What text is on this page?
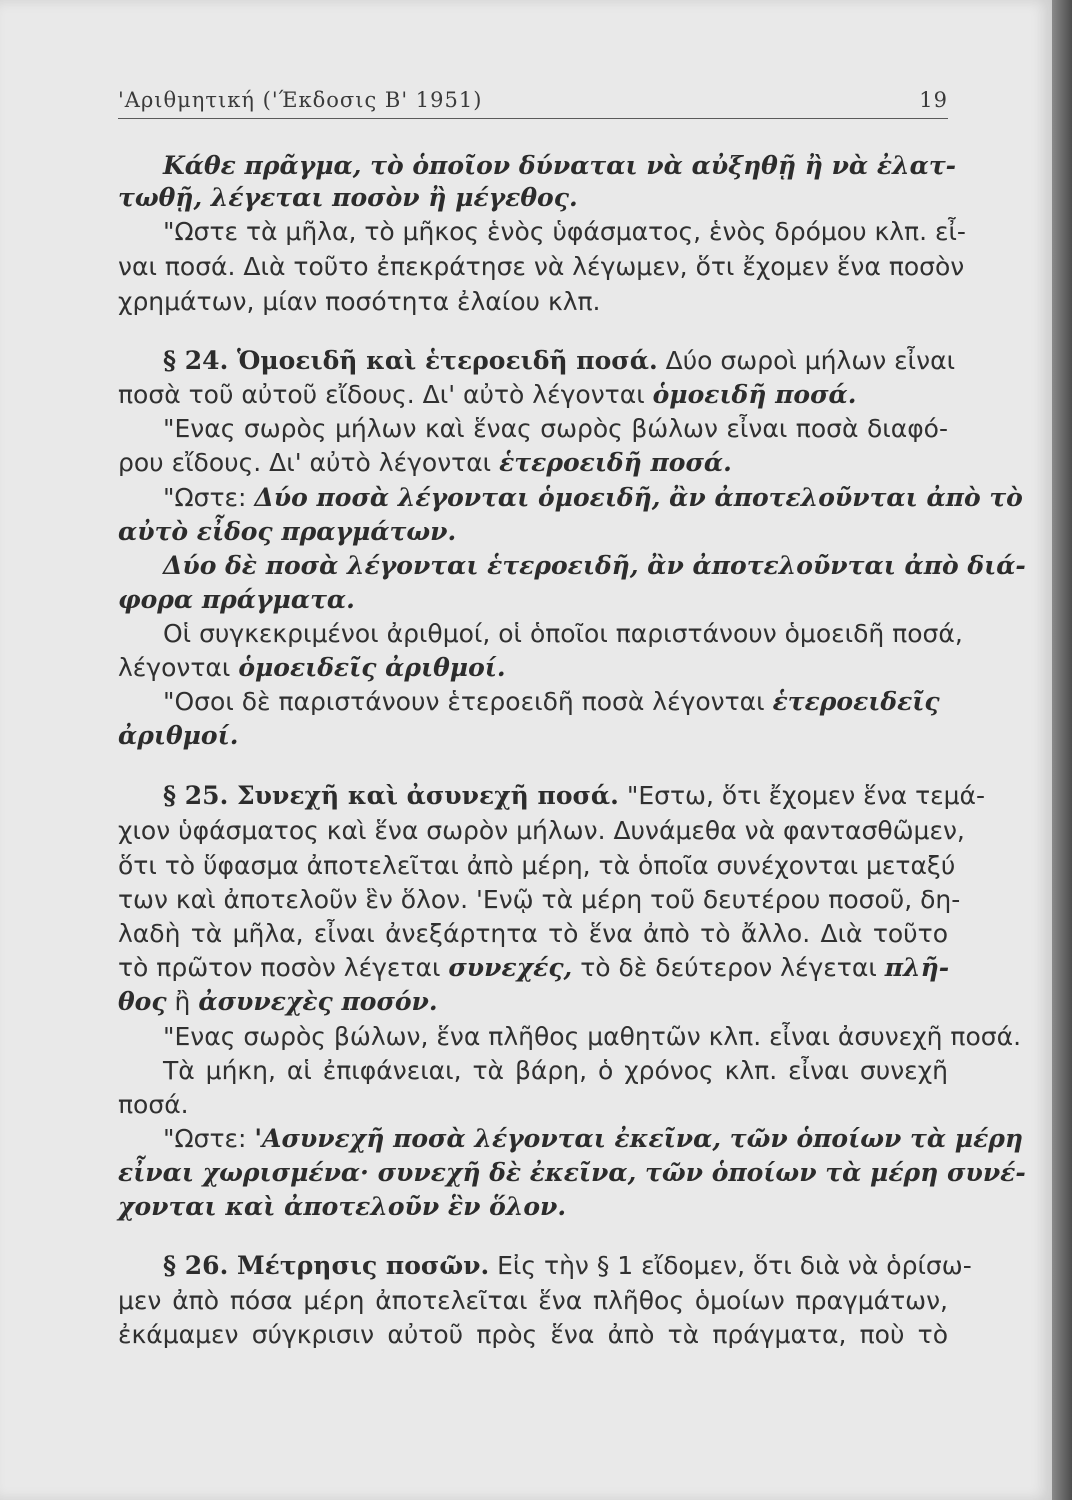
'Αριθμητική ('Έκδοσις Β' 1951)	19
Κάθε πρᾶγμα, τὸ ὁποῖον δύναται νὰ αὐξηθῇ ἢ νὰ ἐλατ-
τωθῇ, λέγεται ποσὸν ἢ μέγεθος.
"Ωστε τὰ μῆλα, τὸ μῆκος ἑνὸς ὑφάσματος, ἑνὸς δρόμου κλπ. εἶ-
ναι ποσά. Διὰ τοῦτο ἐπεκράτησε νὰ λέγωμεν, ὅτι ἔχομεν ἕνα ποσὸν
χρημάτων, μίαν ποσότητα ἐλαίου κλπ.
§ 24. Ὁμοειδῆ καὶ ἑτεροειδῆ ποσά. Δύο σωροὶ μήλων εἶναι
ποσὰ τοῦ αὐτοῦ εἴδους. Δι' αὐτὸ λέγονται ὁμοειδῆ ποσά.
"Ενας σωρὸς μήλων καὶ ἕνας σωρὸς βώλων εἶναι ποσὰ διαφό-
ρου εἴδους. Δι' αὐτὸ λέγονται ἑτεροειδῆ ποσά.
"Ωστε: Δύο ποσὰ λέγονται ὁμοειδῆ, ἂν ἀποτελοῦνται ἀπὸ τὸ
αὐτὸ εἶδος πραγμάτων.
Δύο δὲ ποσὰ λέγονται ἑτεροειδῆ, ἂν ἀποτελοῦνται ἀπὸ διά-
φορα πράγματα.
Οἱ συγκεκριμένοι ἀριθμοί, οἱ ὁποῖοι παριστάνουν ὁμοειδῆ ποσά,
λέγονται ὁμοειδεῖς ἀριθμοί.
"Οσοι δὲ παριστάνουν ἑτεροειδῆ ποσὰ λέγονται ἑτεροειδεῖς
ἀριθμοί.
§ 25. Συνεχῆ καὶ ἀσυνεχῆ ποσά. "Εστω, ὅτι ἔχομεν ἕνα τεμά-
χιον ὑφάσματος καὶ ἕνα σωρὸν μήλων. Δυνάμεθα νὰ φαντασθῶμεν,
ὅτι τὸ ὕφασμα ἀποτελεῖται ἀπὸ μέρη, τὰ ὁποῖα συνέχονται μεταξύ
των καὶ ἀποτελοῦν ἓν ὅλον. 'Ενῷ τὰ μέρη τοῦ δευτέρου ποσοῦ, δη-
λαδὴ τὰ μῆλα, εἶναι ἀνεξάρτητα τὸ ἕνα ἀπὸ τὸ ἄλλο. Διὰ τοῦτο
τὸ πρῶτον ποσὸν λέγεται συνεχές, τὸ δὲ δεύτερον λέγεται πλῆ-
θος ἢ ἀσυνεχὲς ποσόν.
"Ενας σωρὸς βώλων, ἕνα πλῆθος μαθητῶν κλπ. εἶναι ἀσυνεχῆ ποσά.
Τὰ μήκη, αἱ ἐπιφάνειαι, τὰ βάρη, ὁ χρόνος κλπ. εἶναι συνεχῆ
ποσά.
"Ωστε: 'Ασυνεχῆ ποσὰ λέγονται ἐκεῖνα, τῶν ὁποίων τὰ μέρη
εἶναι χωρισμένα· συνεχῆ δὲ ἐκεῖνα, τῶν ὁποίων τὰ μέρη συνέ-
χονται καὶ ἀποτελοῦν ἓν ὅλον.
§ 26. Μέτρησις ποσῶν. Εἰς τὴν § 1 εἴδομεν, ὅτι διὰ νὰ ὁρίσω-
μεν ἀπὸ πόσα μέρη ἀποτελεῖται ἕνα πλῆθος ὁμοίων πραγμάτων,
ἐκάμαμεν σύγκρισιν αὐτοῦ πρὸς ἕνα ἀπὸ τὰ πράγματα, ποὺ τὸ
